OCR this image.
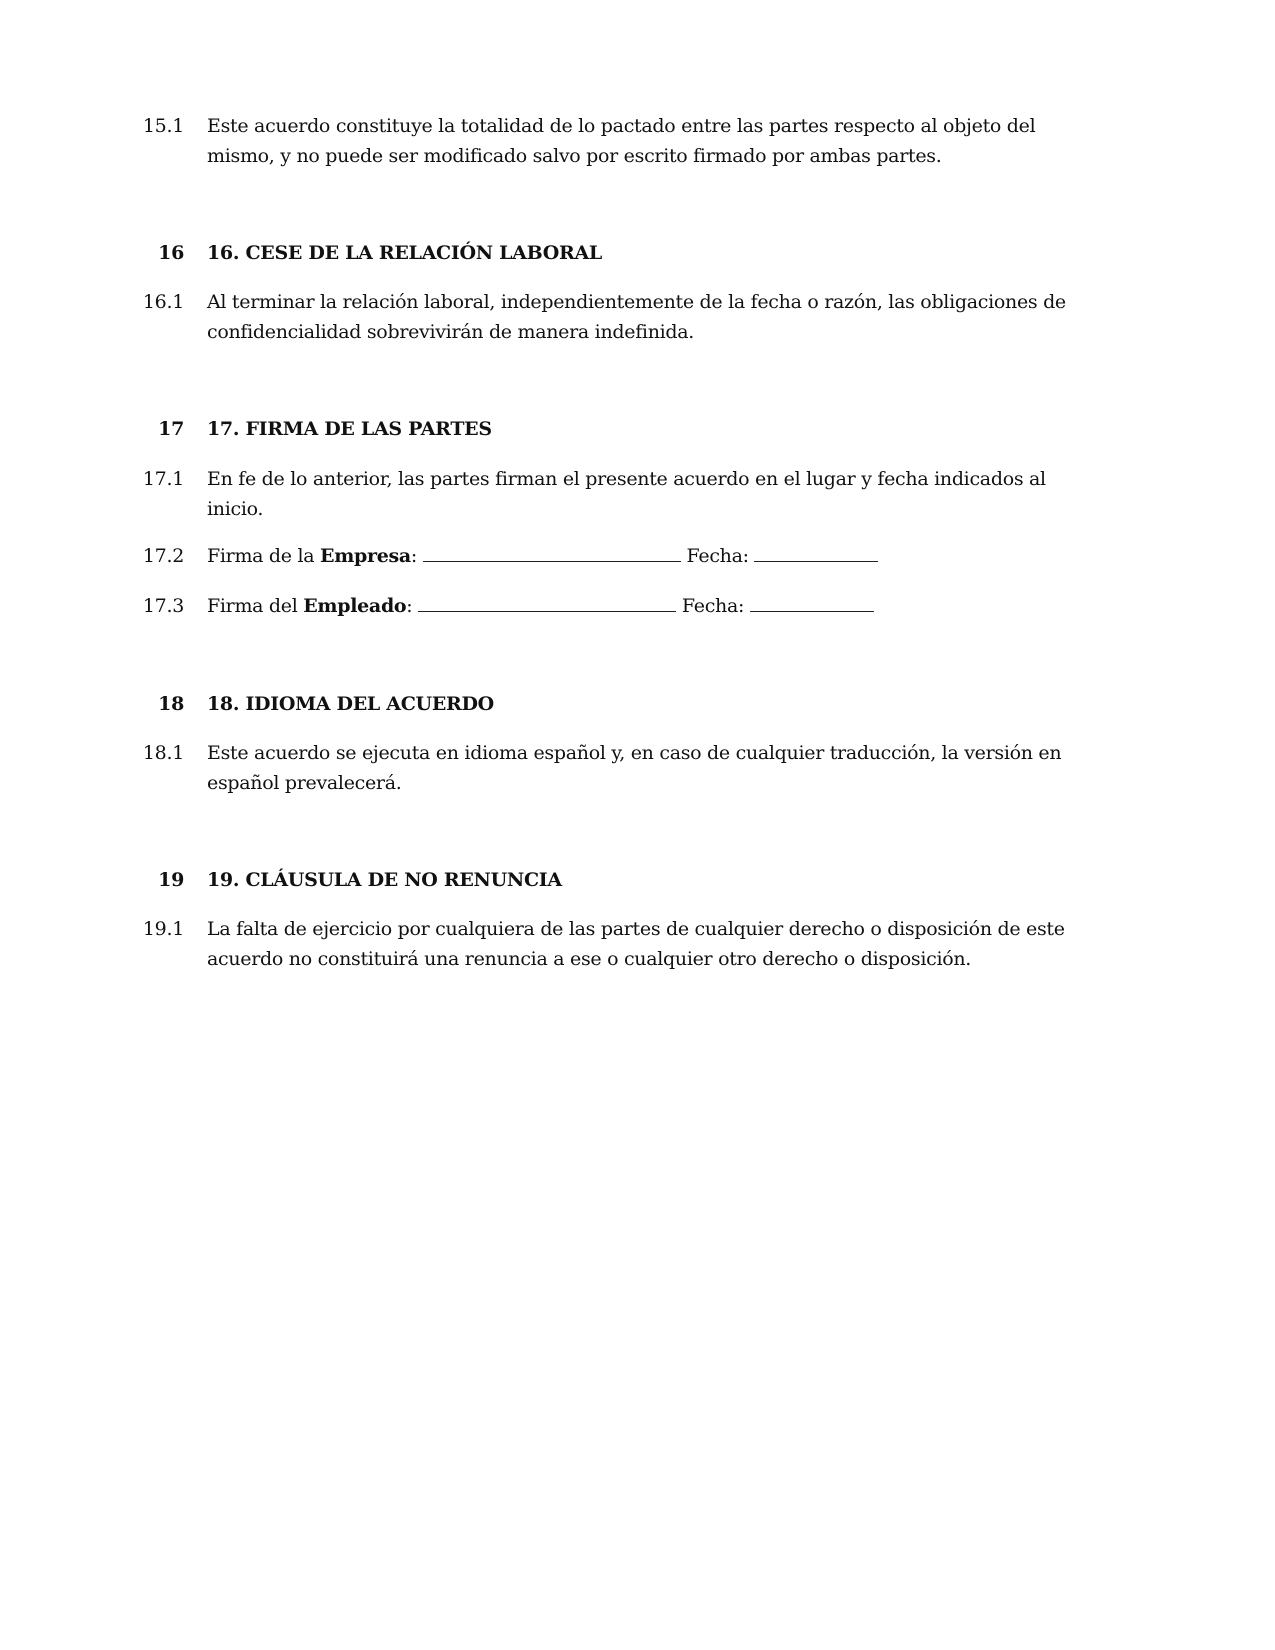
15.1 Este acuerdo constituye la totalidad de lo pactado entre las partes respecto al objeto del mismo, y no puede ser modificado salvo por escrito firmado por ambas partes.
16 16. CESE DE LA RELACIÓN LABORAL
16.1 Al terminar la relación laboral, independientemente de la fecha o razón, las obligaciones de confidencialidad sobrevivirán de manera indefinida.
17 17. FIRMA DE LAS PARTES
17.1 En fe de lo anterior, las partes firman el presente acuerdo en el lugar y fecha indicados al inicio.
17.2 Firma de la Empresa:	Fecha:
17.3 Firma del Empleado:	Fecha:
18 18. IDIOMA DEL ACUERDO
18.1 Este acuerdo se ejecuta en idioma español y, en caso de cualquier traducción, la versión en español prevalecerá.
19 19. CLÁUSULA DE NO RENUNCIA
19.1 La falta de ejercicio por cualquiera de las partes de cualquier derecho o disposición de este acuerdo no constituirá una renuncia a ese o cualquier otro derecho o disposición.
